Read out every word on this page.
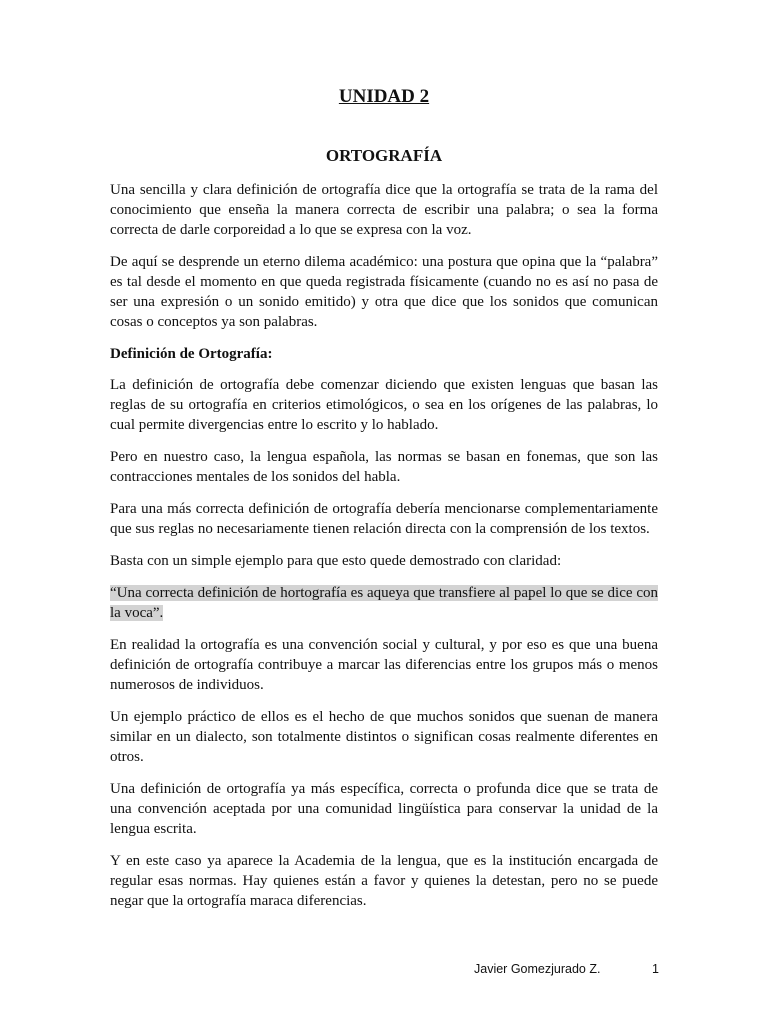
UNIDAD 2
ORTOGRAFÍA

Una sencilla y clara definición de ortografía dice que la ortografía se trata de la rama del conocimiento que enseña la manera correcta de escribir una palabra; o sea la forma correcta de darle corporeidad a lo que se expresa con la voz.

De aquí se desprende un eterno dilema académico: una postura que opina que la “palabra” es tal desde el momento en que queda registrada físicamente (cuando no es así no pasa de ser una expresión o un sonido emitido) y otra que dice que los sonidos que comunican cosas o conceptos ya son palabras.

Definición de Ortografía:

La definición de ortografía debe comenzar diciendo que existen lenguas que basan las reglas de su ortografía en criterios etimológicos, o sea en los orígenes de las palabras, lo cual permite divergencias entre lo escrito y lo hablado.

Pero en nuestro caso, la lengua española, las normas se basan en fonemas, que son las contracciones mentales de los sonidos del habla.

Para una más correcta definición de ortografía debería mencionarse complementariamente que sus reglas no necesariamente tienen relación directa con la comprensión de los textos.

Basta con un simple ejemplo para que esto quede demostrado con claridad:

“Una correcta definición de hortografía es aqueya que transfiere al papel lo que se dice con la voca”.

En realidad la ortografía es una convención social y cultural, y por eso es que una buena definición de ortografía contribuye a marcar las diferencias entre los grupos más o menos numerosos de individuos.

Un ejemplo práctico de ellos es el hecho de que muchos sonidos que suenan de manera similar en un dialecto, son totalmente distintos o significan cosas realmente diferentes en otros.

Una definición de ortografía ya más específica, correcta o profunda dice que se trata de una convención aceptada por una comunidad lingüística para conservar la unidad de la lengua escrita.

Y en este caso ya aparece la Academia de la lengua, que es la institución encargada de regular esas normas. Hay quienes están a favor y quienes la detestan, pero no se puede negar que la ortografía maraca diferencias.

Javier Gomezjurado Z.	1
